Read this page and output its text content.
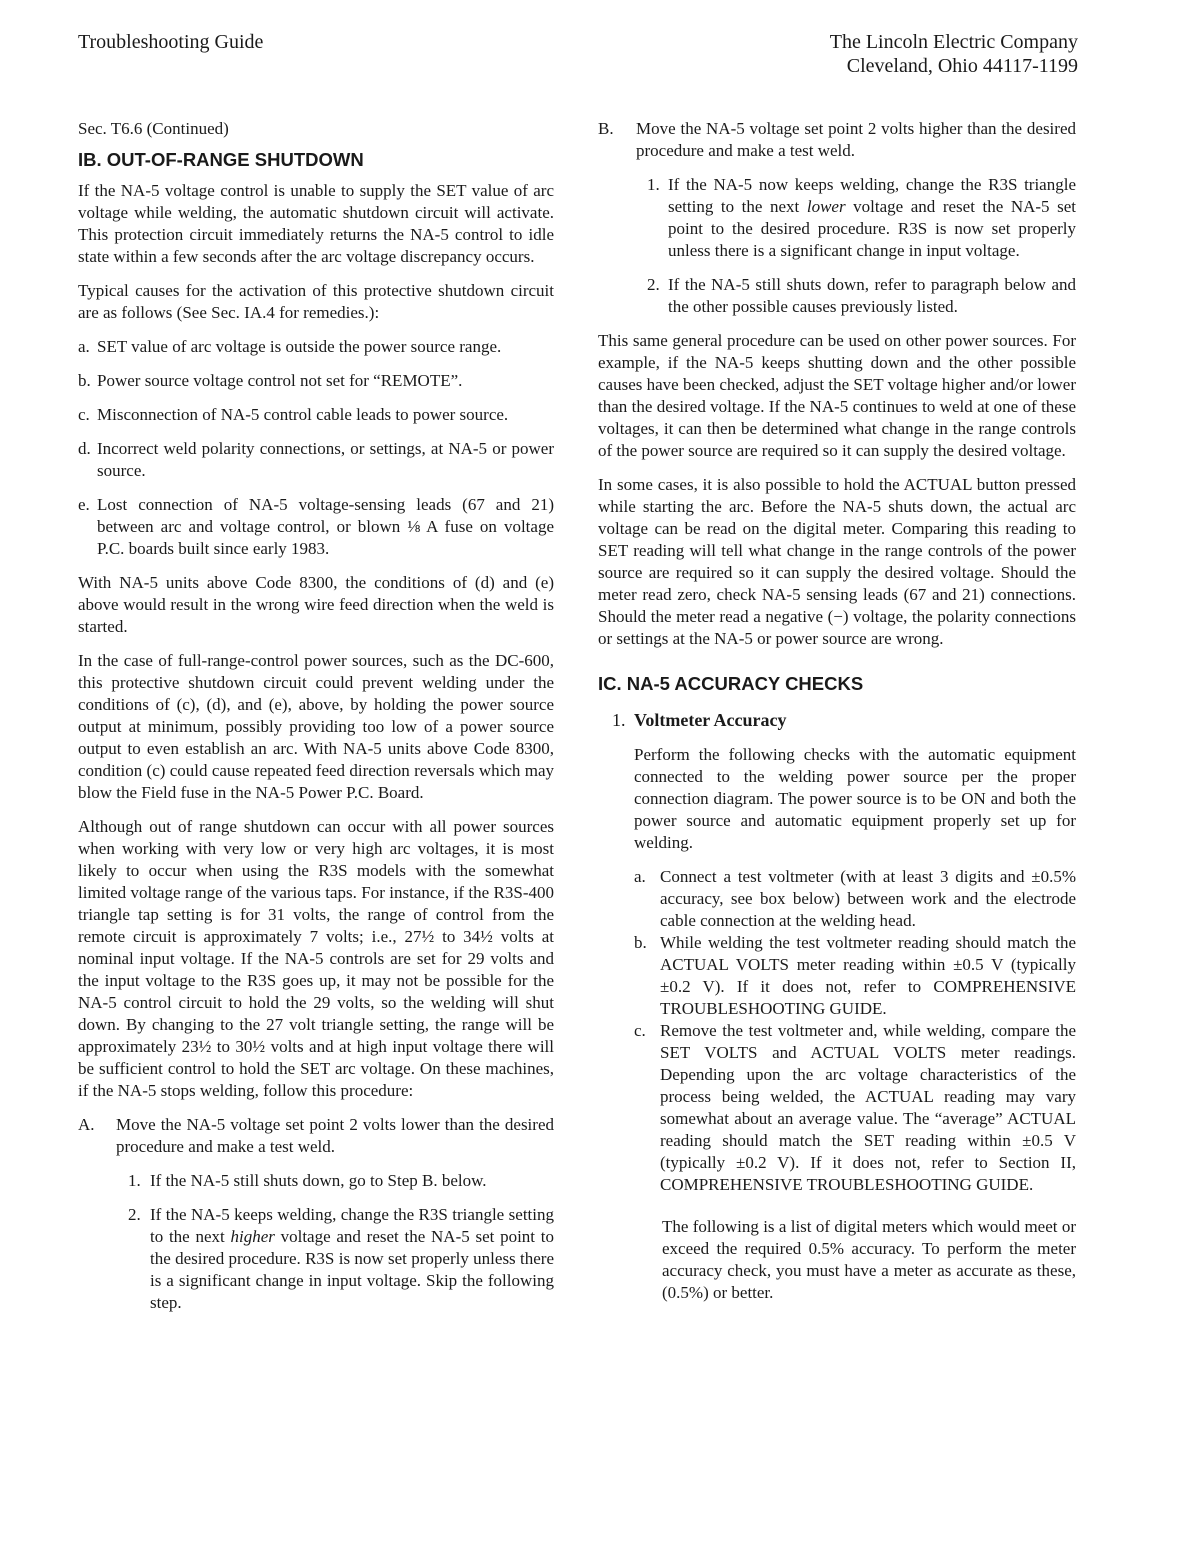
Troubleshooting Guide	The Lincoln Electric Company
Cleveland, Ohio 44117-1199

Sec. T6.6 (Continued)

IB. OUT-OF-RANGE SHUTDOWN

If the NA-5 voltage control is unable to supply the SET value of arc voltage while welding, the automatic shutdown circuit will activate. This protection circuit immediately returns the NA-5 control to idle state within a few seconds after the arc voltage discrepancy occurs.

Typical causes for the activation of this protective shutdown circuit are as follows (See Sec. IA.4 for remedies.):

a. SET value of arc voltage is outside the power source range.

b. Power source voltage control not set for “REMOTE”.

c. Misconnection of NA-5 control cable leads to power source.

d. Incorrect weld polarity connections, or settings, at NA-5 or power source.

e. Lost connection of NA-5 voltage-sensing leads (67 and 21) between arc and voltage control, or blown ⅛ A fuse on voltage P.C. boards built since early 1983.

With NA-5 units above Code 8300, the conditions of (d) and (e) above would result in the wrong wire feed direction when the weld is started.

In the case of full-range-control power sources, such as the DC-600, this protective shutdown circuit could prevent welding under the conditions of (c), (d), and (e), above, by holding the power source output at minimum, possibly providing too low of a power source output to even establish an arc. With NA-5 units above Code 8300, condition (c) could cause repeated feed direction reversals which may blow the Field fuse in the NA-5 Power P.C. Board.

Although out of range shutdown can occur with all power sources when working with very low or very high arc voltages, it is most likely to occur when using the R3S models with the somewhat limited voltage range of the various taps. For instance, if the R3S-400 triangle tap setting is for 31 volts, the range of control from the remote circuit is approximately 7 volts; i.e., 27½ to 34½ volts at nominal input voltage. If the NA-5 controls are set for 29 volts and the input voltage to the R3S goes up, it may not be possible for the NA-5 control circuit to hold the 29 volts, so the welding will shut down. By changing to the 27 volt triangle setting, the range will be approximately 23½ to 30½ volts and at high input voltage there will be sufficient control to hold the SET arc voltage. On these machines, if the NA-5 stops welding, follow this procedure:

A. Move the NA-5 voltage set point 2 volts lower than the desired procedure and make a test weld.

1. If the NA-5 still shuts down, go to Step B. below.

2. If the NA-5 keeps welding, change the R3S triangle setting to the next higher voltage and reset the NA-5 set point to the desired procedure. R3S is now set properly unless there is a significant change in input voltage. Skip the following step.

B. Move the NA-5 voltage set point 2 volts higher than the desired procedure and make a test weld.

1. If the NA-5 now keeps welding, change the R3S triangle setting to the next lower voltage and reset the NA-5 set point to the desired procedure. R3S is now set properly unless there is a significant change in input voltage.

2. If the NA-5 still shuts down, refer to paragraph below and the other possible causes previously listed.

This same general procedure can be used on other power sources. For example, if the NA-5 keeps shutting down and the other possible causes have been checked, adjust the SET voltage higher and/or lower than the desired voltage. If the NA-5 continues to weld at one of these voltages, it can then be determined what change in the range controls of the power source are required so it can supply the desired voltage.

In some cases, it is also possible to hold the ACTUAL button pressed while starting the arc. Before the NA-5 shuts down, the actual arc voltage can be read on the digital meter. Comparing this reading to SET reading will tell what change in the range controls of the power source are required so it can supply the desired voltage. Should the meter read zero, check NA-5 sensing leads (67 and 21) connections. Should the meter read a negative (−) voltage, the polarity connections or settings at the NA-5 or power source are wrong.

IC. NA-5 ACCURACY CHECKS

1. Voltmeter Accuracy

Perform the following checks with the automatic equipment connected to the welding power source per the proper connection diagram. The power source is to be ON and both the power source and automatic equipment properly set up for welding.

a. Connect a test voltmeter (with at least 3 digits and ±0.5% accuracy, see box below) between work and the electrode cable connection at the welding head.

b. While welding the test voltmeter reading should match the ACTUAL VOLTS meter reading within ±0.5 V (typically ±0.2 V). If it does not, refer to COMPREHENSIVE TROUBLESHOOTING GUIDE.

c. Remove the test voltmeter and, while welding, compare the SET VOLTS and ACTUAL VOLTS meter readings. Depending upon the arc voltage characteristics of the process being welded, the ACTUAL reading may vary somewhat about an average value. The “average” ACTUAL reading should match the SET reading within ±0.5 V (typically ±0.2 V). If it does not, refer to Section II, COMPREHENSIVE TROUBLESHOOTING GUIDE.

The following is a list of digital meters which would meet or exceed the required 0.5% accuracy. To perform the meter accuracy check, you must have a meter as accurate as these, (0.5%) or better.
